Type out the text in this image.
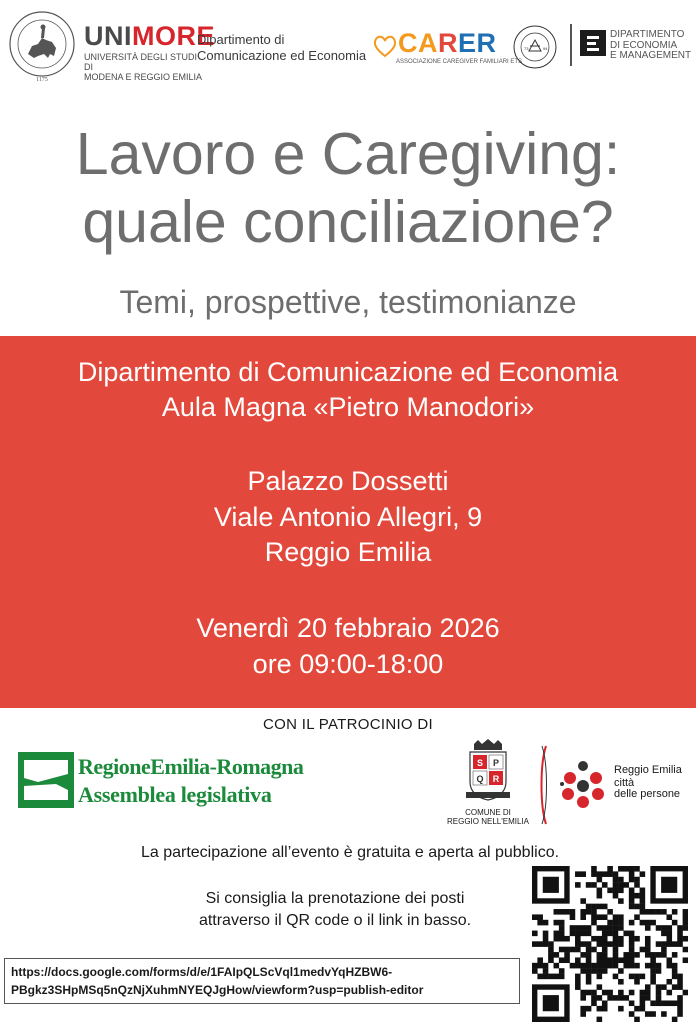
1175
UNIMORE
UNIVERSITÀ DEGLI STUDI DI
MODENA E REGGIO EMILIA
Dipartimento di
Comunicazione ed Economia CARER
ASSOCIAZIONE CAREGIVER FAMILIARI ETS
73	94
DIPARTIMENTO
DI ECONOMIA
E MANAGEMENT
Lavoro e Caregiving:
quale conciliazione?
Temi, prospettive, testimonianze
Dipartimento di Comunicazione ed Economia
Aula Magna «Pietro Manodori»
Palazzo Dossetti
Viale Antonio Allegri, 9
Reggio Emilia
Venerdì 20 febbraio 2026
ore 09:00-18:00
CON IL PATROCINIO DI
RegioneEmilia-Romagna
Assemblea legislativa
S P
Q R
COMUNE DI
REGGIO NELL'EMILIA
Reggio Emilia
città
delle persone
La partecipazione all’evento è gratuita e aperta al pubblico.
Si consiglia la prenotazione dei posti
attraverso il QR code o il link in basso.
https://docs.google.com/forms/d/e/1FAIpQLScVql1medvYqHZBW6-
PBgkz3SHpMSq5nQzNjXuhmNYEQJgHow/viewform?usp=publish-editor
